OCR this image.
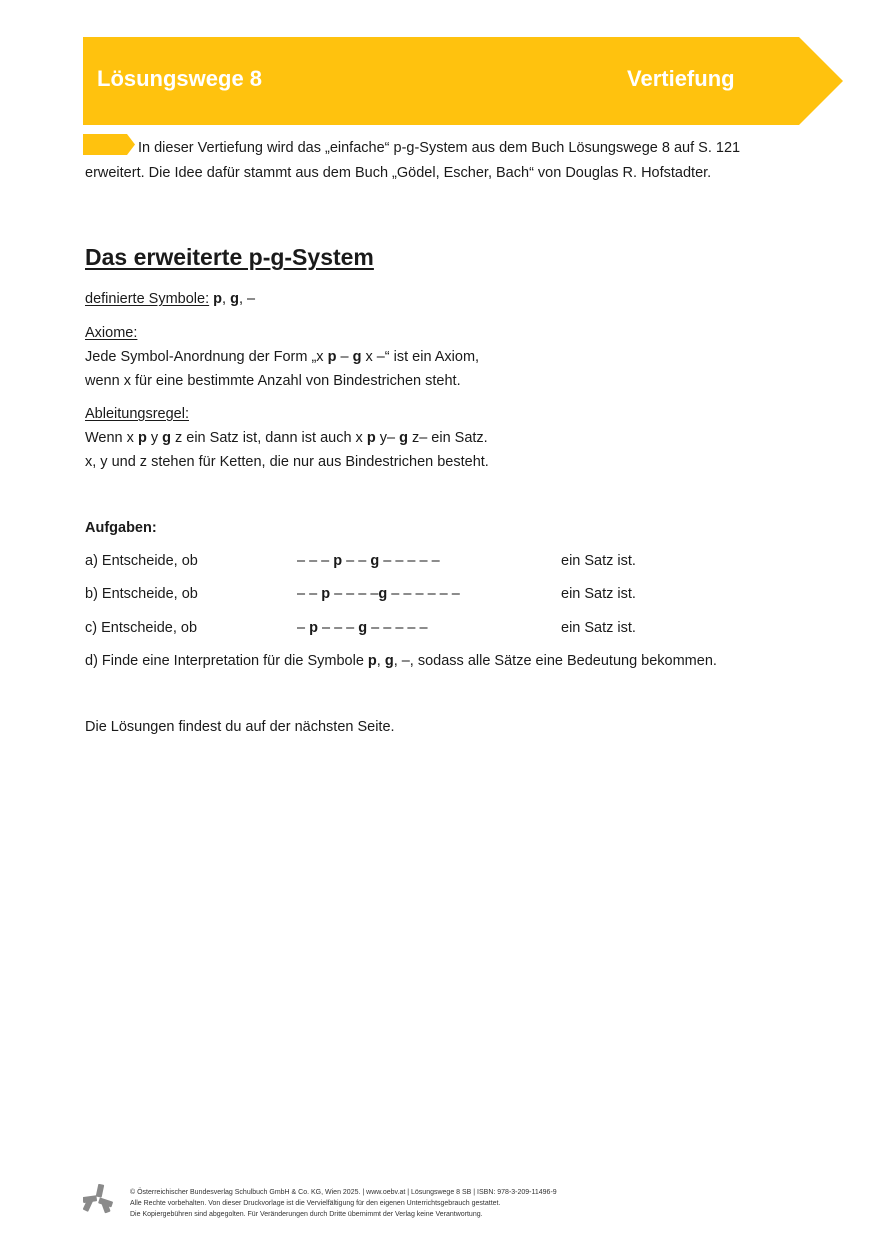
Lösungswege 8	Vertiefung
In dieser Vertiefung wird das „einfache“ p-g-System aus dem Buch Lösungswege 8 auf S. 121 erweitert. Die Idee dafür stammt aus dem Buch „Gödel, Escher, Bach“ von Douglas R. Hofstadter.
Das erweiterte p-g-System
definierte Symbole: p, g, –
Axiome:
Jede Symbol-Anordnung der Form „x p – g x –“ ist ein Axiom,
wenn x für eine bestimmte Anzahl von Bindestrichen steht.
Ableitungsregel:
Wenn x p y g z ein Satz ist, dann ist auch x p y– g z– ein Satz.
x, y und z stehen für Ketten, die nur aus Bindestrichen besteht.
Aufgaben:
a) Entscheide, ob	– – – p – – g – – – – –	ein Satz ist.
b) Entscheide, ob	– – p – – – –g – – – – – –	ein Satz ist.
c) Entscheide, ob	– p – – – g – – – – –	ein Satz ist.
d) Finde eine Interpretation für die Symbole p, g, –, sodass alle Sätze eine Bedeutung bekommen.
Die Lösungen findest du auf der nächsten Seite.
© Österreichischer Bundesverlag Schulbuch GmbH & Co. KG, Wien 2025. | www.oebv.at | Lösungswege 8 SB | ISBN: 978-3-209-11496-9
Alle Rechte vorbehalten. Von dieser Druckvorlage ist die Vervielfältigung für den eigenen Unterrichtsgebrauch gestattet.
Die Kopiergebühren sind abgegolten. Für Veränderungen durch Dritte übernimmt der Verlag keine Verantwortung.
